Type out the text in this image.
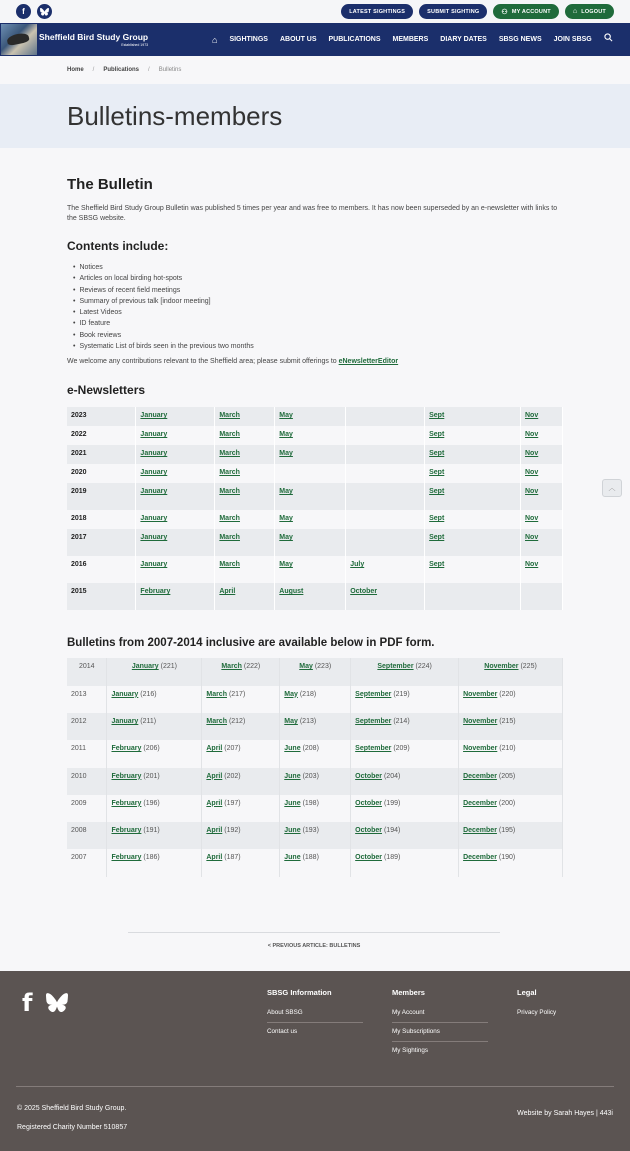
f	LATEST SIGHTINGS	SUBMIT SIGHTING	⚇ MY ACCOUNT	⌂ LOGOUT
Sheffield Bird Study Group
Established 1973
⌂ SIGHTINGS ABOUT US PUBLICATIONS MEMBERS DIARY DATES SBSG NEWS JOIN SBSG
Home / Publications / Bulletins
Bulletins-members
The Bulletin

The Sheffield Bird Study Group Bulletin was published 5 times per year and was free to members. It has now been superseded by an e-newsletter with links to the SBSG website.

Contents include:
• Notices
• Articles on local birding hot-spots
• Reviews of recent field meetings
• Summary of previous talk [indoor meeting]
• Latest Videos
• ID feature
• Book reviews
• Systematic List of birds seen in the previous two months

We welcome any contributions relevant to the Sheffield area; please submit offerings to eNewsletterEditor

e-Newsletters
2023	January	March	May		Sept	Nov
2022	January	March	May		Sept	Nov
2021	January	March	May		Sept	Nov
2020	January	March			Sept	Nov
2019	January	March	May		Sept	Nov
2018	January	March	May		Sept	Nov
2017	January	March	May		Sept	Nov
2016	January	March	May	July	Sept	Nov
2015	February	April	August	October		
Bulletins from 2007-2014 inclusive are available below in PDF form.
2014	January (221)	March (222)	May (223)	September (224)	November (225)
2013	January (216)	March (217)	May (218)	September (219)	November (220)
2012	January (211)	March (212)	May (213)	September (214)	November (215)
2011	February (206)	April (207)	June (208)	September (209)	November (210)
2010	February (201)	April (202)	June (203)	October (204)	December (205)
2009	February (196)	April (197)	June (198)	October (199)	December (200)
2008	February (191)	April (192)	June (193)	October (194)	December (195)
2007	February (186)	April (187)	June (188)	October (189)	December (190)
︿
< PREVIOUS ARTICLE: BULLETINS
f	SBSG Information
About SBSG
Contact us
Members
My Account
My Subscriptions
My Sightings
Legal
Privacy Policy
© 2025 Sheffield Bird Study Group.
Registered Charity Number 510857
Website by Sarah Hayes | 443i
